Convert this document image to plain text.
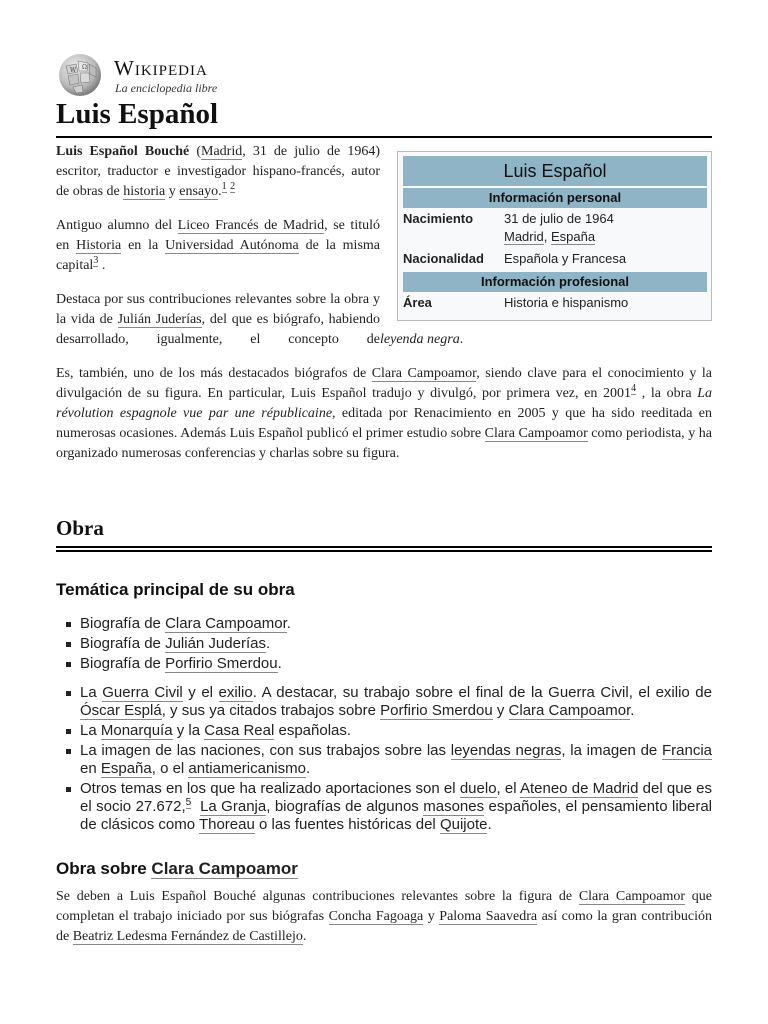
W Ω Wikipedia
La enciclopedia libre
Luis Español
Luis Español
Información personal
Nacimiento	31 de julio de 1964
Madrid, España
Nacionalidad	Española y Francesa
Información profesional
Área	Historia e hispanismo

Luis Español Bouché (Madrid, 31 de julio de 1964) escritor, traductor e investigador hispano-francés, autor de obras de historia y ensayo.$^1$ $^2$

Antiguo alumno del Liceo Francés de Madrid, se tituló en Historia en la Universidad Autónoma de la misma capital$^3$ .

Destaca por sus contribuciones relevantes sobre la obra y la vida de Julián Juderías, del que es biógrafo, habiendo desarrollado, igualmente, el concepto deleyenda negra.

Es, también, uno de los más destacados biógrafos de Clara Campoamor, siendo clave para el conocimiento y la divulgación de su figura. En particular, Luis Español tradujo y divulgó, por primera vez, en 2001$^4$ , la obra La révolution espagnole vue par une républicaine, editada por Renacimiento en 2005 y que ha sido reeditada en numerosas ocasiones. Además Luis Español publicó el primer estudio sobre Clara Campoamor como periodista, y ha organizado numerosas conferencias y charlas sobre su figura.

Obra
Temática principal de su obra
Biografía de Clara Campoamor.
Biografía de Julián Juderías.
Biografía de Porfirio Smerdou.
La Guerra Civil y el exilio. A destacar, su trabajo sobre el final de la Guerra Civil, el exilio de Óscar Esplá, y sus ya citados trabajos sobre Porfirio Smerdou y Clara Campoamor.
La Monarquía y la Casa Real españolas.
La imagen de las naciones, con sus trabajos sobre las leyendas negras, la imagen de Francia en España, o el antiamericanismo.
Otros temas en los que ha realizado aportaciones son el duelo, el Ateneo de Madrid del que es el socio 27.672,$^5$ La Granja, biografías de algunos masones españoles, el pensamiento liberal de clásicos como Thoreau o las fuentes históricas del Quijote.
Obra sobre Clara Campoamor

Se deben a Luis Español Bouché algunas contribuciones relevantes sobre la figura de Clara Campoamor que completan el trabajo iniciado por sus biógrafas Concha Fagoaga y Paloma Saavedra así como la gran contribución de Beatriz Ledesma Fernández de Castillejo.
